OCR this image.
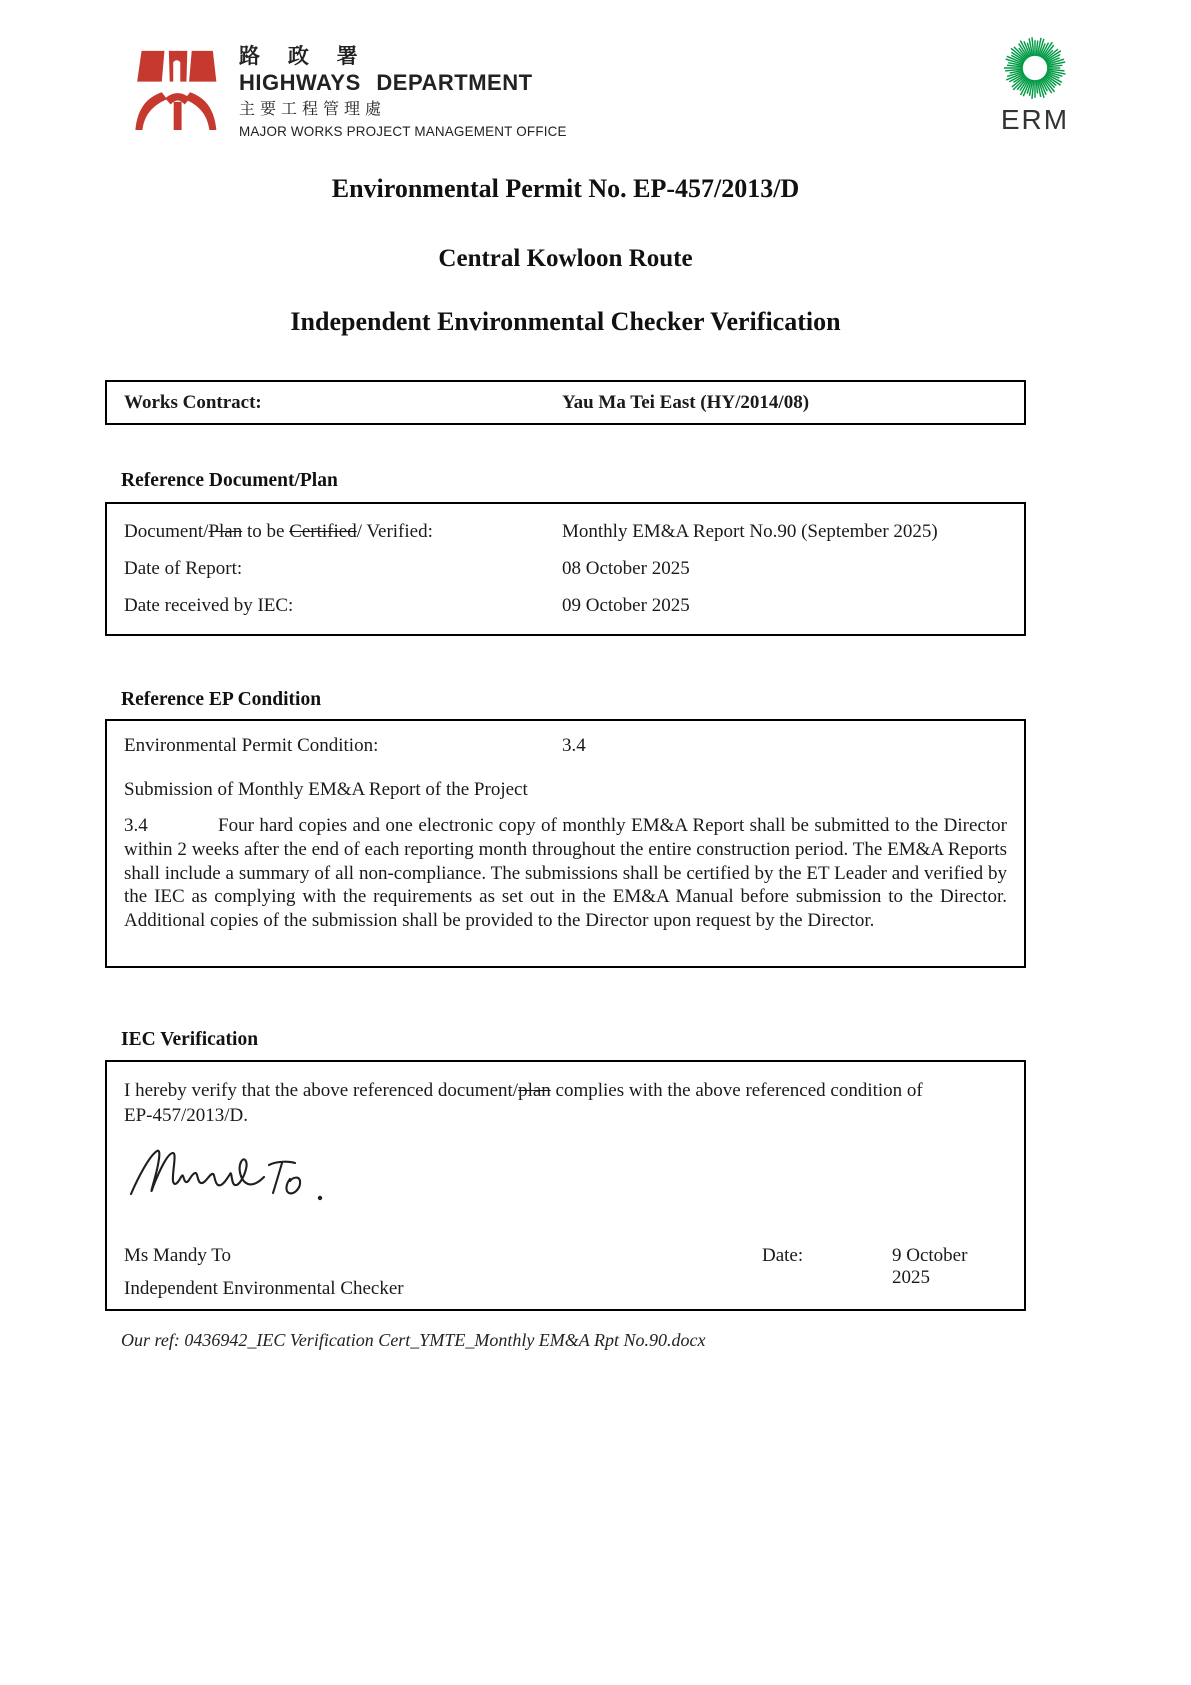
路 政 署
HIGHWAYS DEPARTMENT
主要工程管理處
MAJOR WORKS PROJECT MANAGEMENT OFFICE	ERM
Environmental Permit No. EP-457/2013/D
Central Kowloon Route
Independent Environmental Checker Verification
Works Contract:	Yau Ma Tei East (HY/2014/08)
Reference Document/Plan
Document/Plan to be Certified/ Verified:	Monthly EM&A Report No.90 (September 2025)
Date of Report:	08 October 2025
Date received by IEC:	09 October 2025
Reference EP Condition
Environmental Permit Condition:	3.4
Submission of Monthly EM&A Report of the Project
3.4	Four hard copies and one electronic copy of monthly EM&A Report shall be submitted to the Director within 2 weeks after the end of each reporting month throughout the entire construction period. The EM&A Reports shall include a summary of all non-compliance. The submissions shall be certified by the ET Leader and verified by the IEC as complying with the requirements as set out in the EM&A Manual before submission to the Director. Additional copies of the submission shall be provided to the Director upon request by the Director.
IEC Verification
I hereby verify that the above referenced document/plan complies with the above referenced condition of
EP-457/2013/D.
Ms Mandy To	Date:	9 October 2025
Independent Environmental Checker
Our ref: 0436942_IEC Verification Cert_YMTE_Monthly EM&A Rpt No.90.docx
